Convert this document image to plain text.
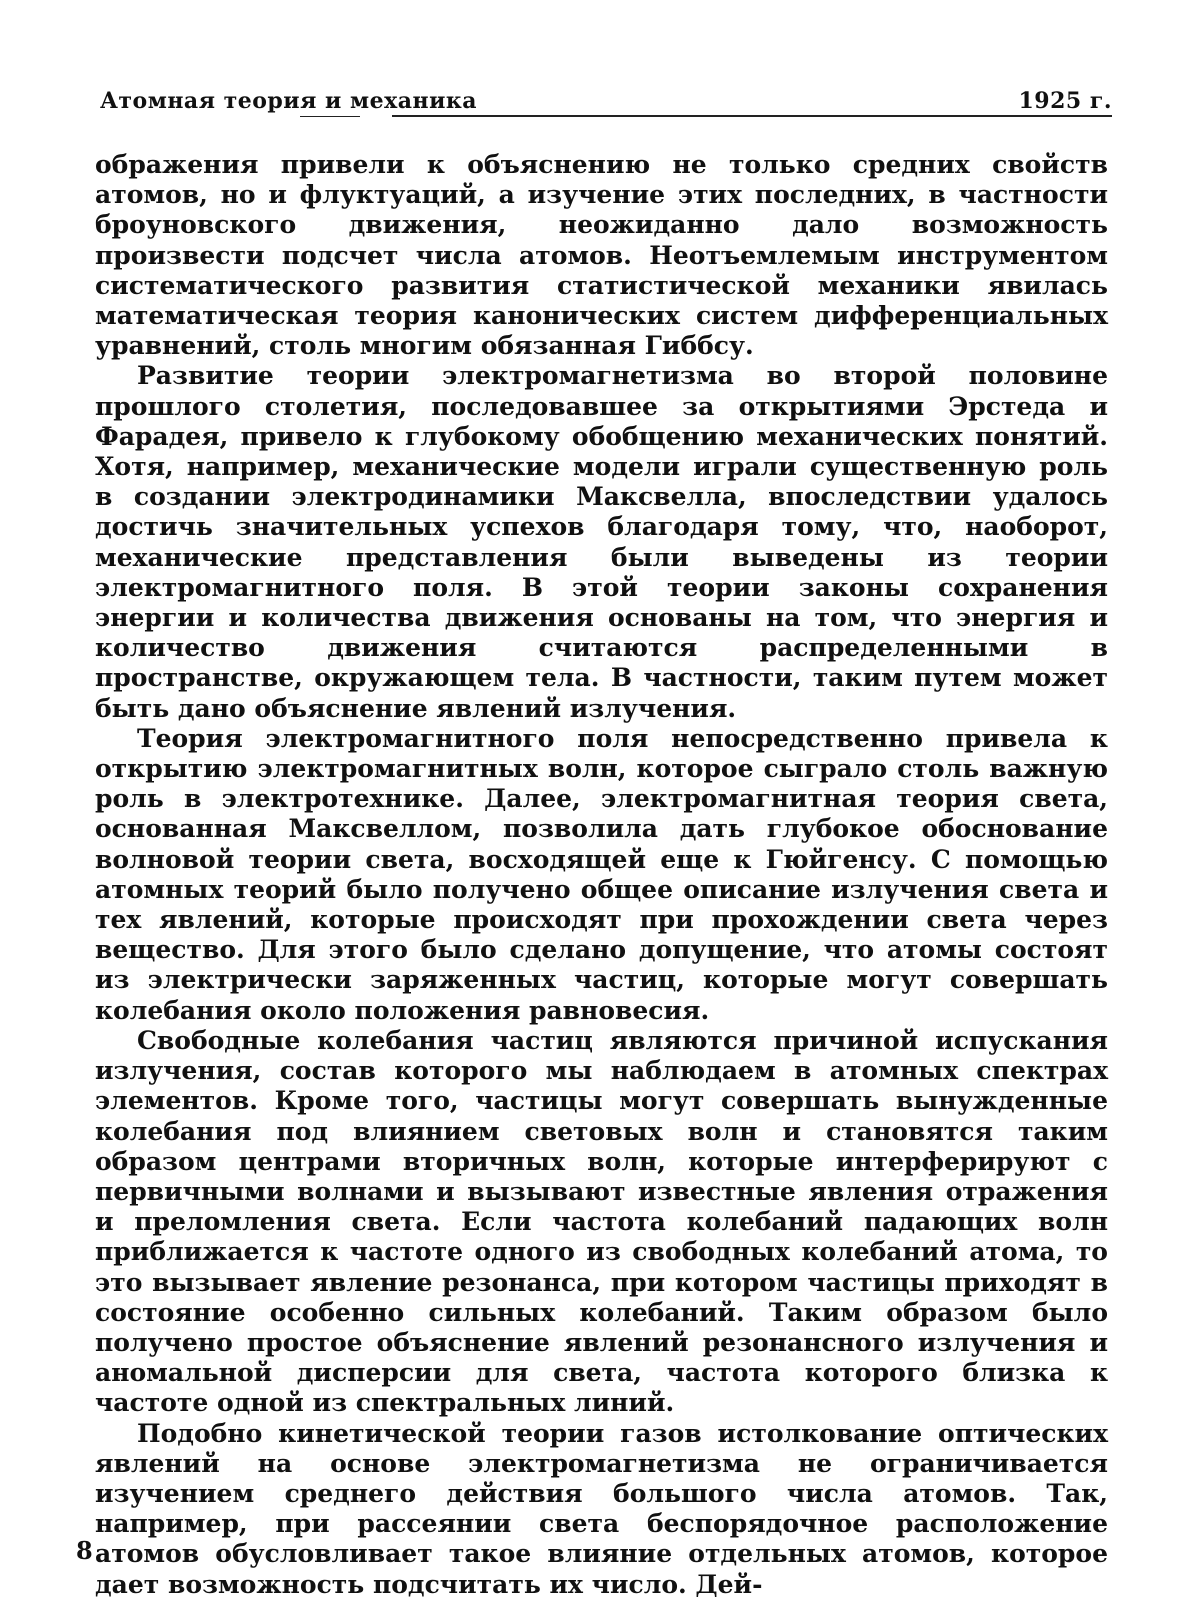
Атомная теория и механика	1925 г.

ображения привели к объяснению не только средних свойств атомов, но и флуктуаций, а изучение этих последних, в частности броуновского движения, неожиданно дало возможность произвести подсчет числа атомов. Неотъемлемым инструментом систематического развития статистической механики явилась математическая теория канонических систем дифференциальных уравнений, столь многим обязанная Гиббсу.

Развитие теории электромагнетизма во второй половине прошлого столетия, последовавшее за открытиями Эрстеда и Фарадея, привело к глубокому обобщению механических понятий. Хотя, например, механические модели играли существенную роль в создании электродинамики Максвелла, впоследствии удалось достичь значительных успехов благодаря тому, что, наоборот, механические представления были выведены из теории электромагнитного поля. В этой теории законы сохранения энергии и количества движения основаны на том, что энергия и количество движения считаются распределенными в пространстве, окружающем тела. В частности, таким путем может быть дано объяснение явлений излучения.

Теория электромагнитного поля непосредственно привела к открытию электромагнитных волн, которое сыграло столь важную роль в электротехнике. Далее, электромагнитная теория света, основанная Максвеллом, позволила дать глубокое обоснование волновой теории света, восходящей еще к Гюйгенсу. С помощью атомных теорий было получено общее описание излучения света и тех явлений, которые происходят при прохождении света через вещество. Для этого было сделано допущение, что атомы состоят из электрически заряженных частиц, которые могут совершать колебания около положения равновесия.

Свободные колебания частиц являются причиной испускания излучения, состав которого мы наблюдаем в атомных спектрах элементов. Кроме того, частицы могут совершать вынужденные колебания под влиянием световых волн и становятся таким образом центрами вторичных волн, которые интерферируют с первичными волнами и вызывают известные явления отражения и преломления света. Если частота колебаний падающих волн приближается к частоте одного из свободных колебаний атома, то это вызывает явление резонанса, при котором частицы приходят в состояние особенно сильных колебаний. Таким образом было получено простое объяснение явлений резонансного излучения и аномальной дисперсии для света, частота которого близка к частоте одной из спектральных линий.

Подобно кинетической теории газов истолкование оптических явлений на основе электромагнетизма не ограничивается изучением среднего действия большого числа атомов. Так, например, при рассеянии света беспорядочное расположение атомов обусловливает такое влияние отдельных атомов, которое дает возможность подсчитать их число. Дей-

8
